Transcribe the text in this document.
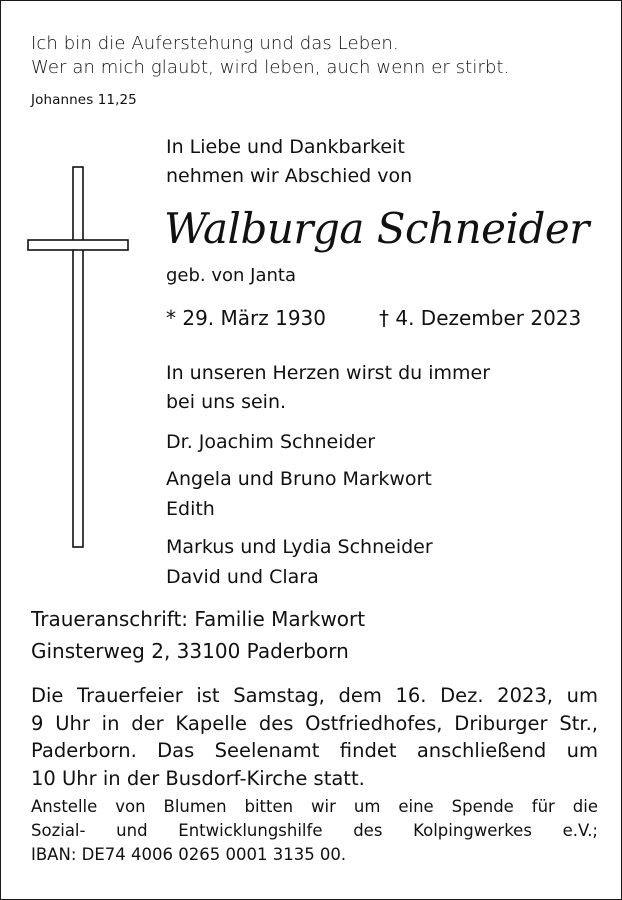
Ich bin die Auferstehung und das Leben.
Wer an mich glaubt, wird leben, auch wenn er stirbt.
Johannes 11,25
In Liebe und Dankbarkeit
nehmen wir Abschied von
Walburga Schneider
geb. von Janta
* 29. März 1930	† 4. Dezember 2023
In unseren Herzen wirst du immer
bei uns sein.
Dr. Joachim Schneider
Angela und Bruno Markwort
Edith
Markus und Lydia Schneider
David und Clara
Traueranschrift: Familie Markwort
Ginsterweg 2, 33100 Paderborn
Die Trauerfeier ist Samstag, dem 16. Dez. 2023, um
9 Uhr in der Kapelle des Ostfriedhofes, Driburger Str.,
Paderborn. Das Seelenamt findet anschließend um
10 Uhr in der Busdorf-Kirche statt.
Anstelle von Blumen bitten wir um eine Spende für die
Sozial- und Entwicklungshilfe des Kolpingwerkes e.V.;
IBAN: DE74 4006 0265 0001 3135 00.
